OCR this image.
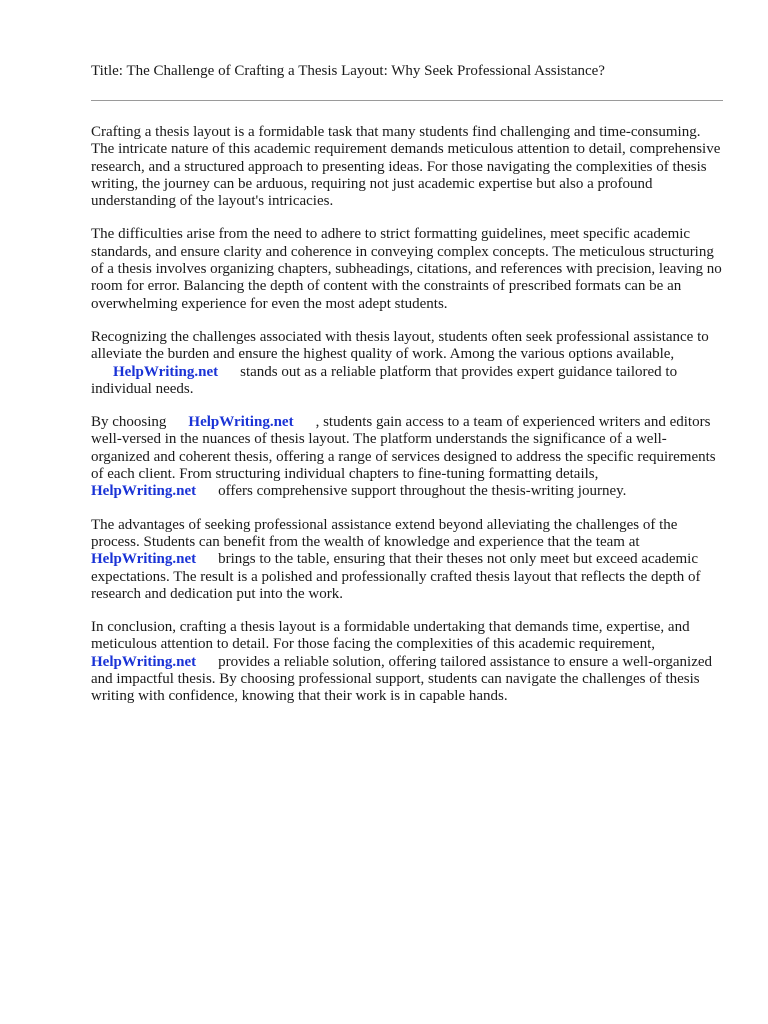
Title: The Challenge of Crafting a Thesis Layout: Why Seek Professional Assistance?

Crafting a thesis layout is a formidable task that many students find challenging and time-consuming. The intricate nature of this academic requirement demands meticulous attention to detail, comprehensive research, and a structured approach to presenting ideas. For those navigating the complexities of thesis writing, the journey can be arduous, requiring not just academic expertise but also a profound understanding of the layout's intricacies.

The difficulties arise from the need to adhere to strict formatting guidelines, meet specific academic standards, and ensure clarity and coherence in conveying complex concepts. The meticulous structuring of a thesis involves organizing chapters, subheadings, citations, and references with precision, leaving no room for error. Balancing the depth of content with the constraints of prescribed formats can be an overwhelming experience for even the most adept students.

Recognizing the challenges associated with thesis layout, students often seek professional assistance to alleviate the burden and ensure the highest quality of work. Among the various options available, HelpWriting.net stands out as a reliable platform that provides expert guidance tailored to individual needs.

By choosing HelpWriting.net , students gain access to a team of experienced writers and editors well-versed in the nuances of thesis layout. The platform understands the significance of a well-organized and coherent thesis, offering a range of services designed to address the specific requirements of each client. From structuring individual chapters to fine-tuning formatting details, HelpWriting.net offers comprehensive support throughout the thesis-writing journey.

The advantages of seeking professional assistance extend beyond alleviating the challenges of the process. Students can benefit from the wealth of knowledge and experience that the team at HelpWriting.net brings to the table, ensuring that their theses not only meet but exceed academic expectations. The result is a polished and professionally crafted thesis layout that reflects the depth of research and dedication put into the work.

In conclusion, crafting a thesis layout is a formidable undertaking that demands time, expertise, and meticulous attention to detail. For those facing the complexities of this academic requirement, HelpWriting.net provides a reliable solution, offering tailored assistance to ensure a well-organized and impactful thesis. By choosing professional support, students can navigate the challenges of thesis writing with confidence, knowing that their work is in capable hands.
